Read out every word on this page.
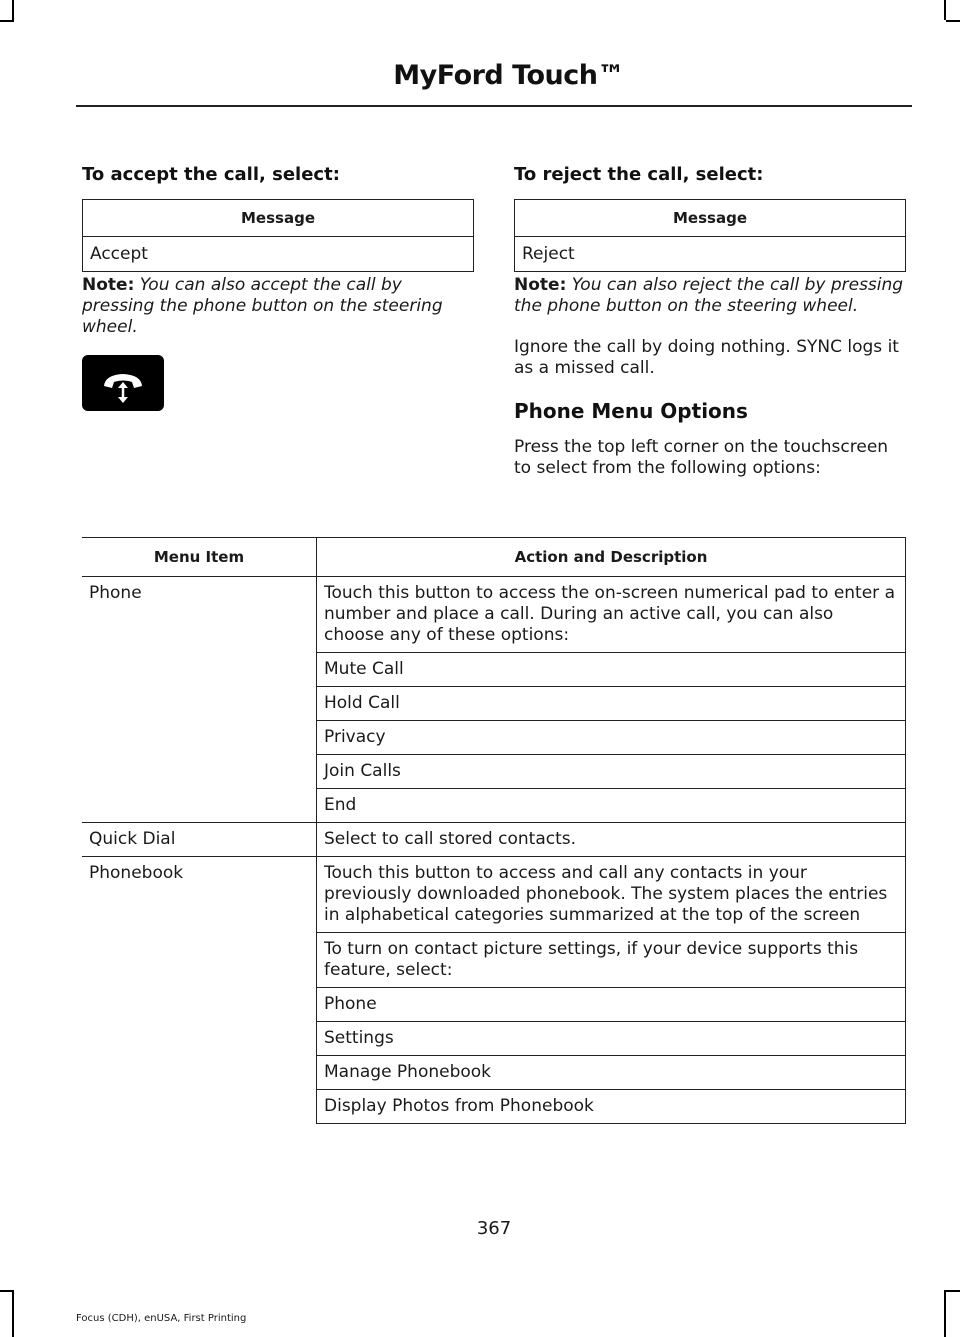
MyFord Touch™
To accept the call, select:
Message
Accept
Note: You can also accept the call by pressing the phone button on the steering wheel.
To reject the call, select:
Message
Reject
Note: You can also reject the call by pressing the phone button on the steering wheel.
Ignore the call by doing nothing. SYNC logs it as a missed call.
Phone Menu Options
Press the top left corner on the touchscreen to select from the following options:
Menu Item	Action and Description
Phone	Touch this button to access the on-screen numerical pad to enter a number and place a call. During an active call, you can also choose any of these options:
	Mute Call
	Hold Call
	Privacy
	Join Calls
	End
Quick Dial	Select to call stored contacts.
Phonebook	Touch this button to access and call any contacts in your previously downloaded phonebook. The system places the entries in alphabetical categories summarized at the top of the screen
	To turn on contact picture settings, if your device supports this feature, select:
	Phone
	Settings
	Manage Phonebook
	Display Photos from Phonebook
367
Focus (CDH), enUSA, First Printing
